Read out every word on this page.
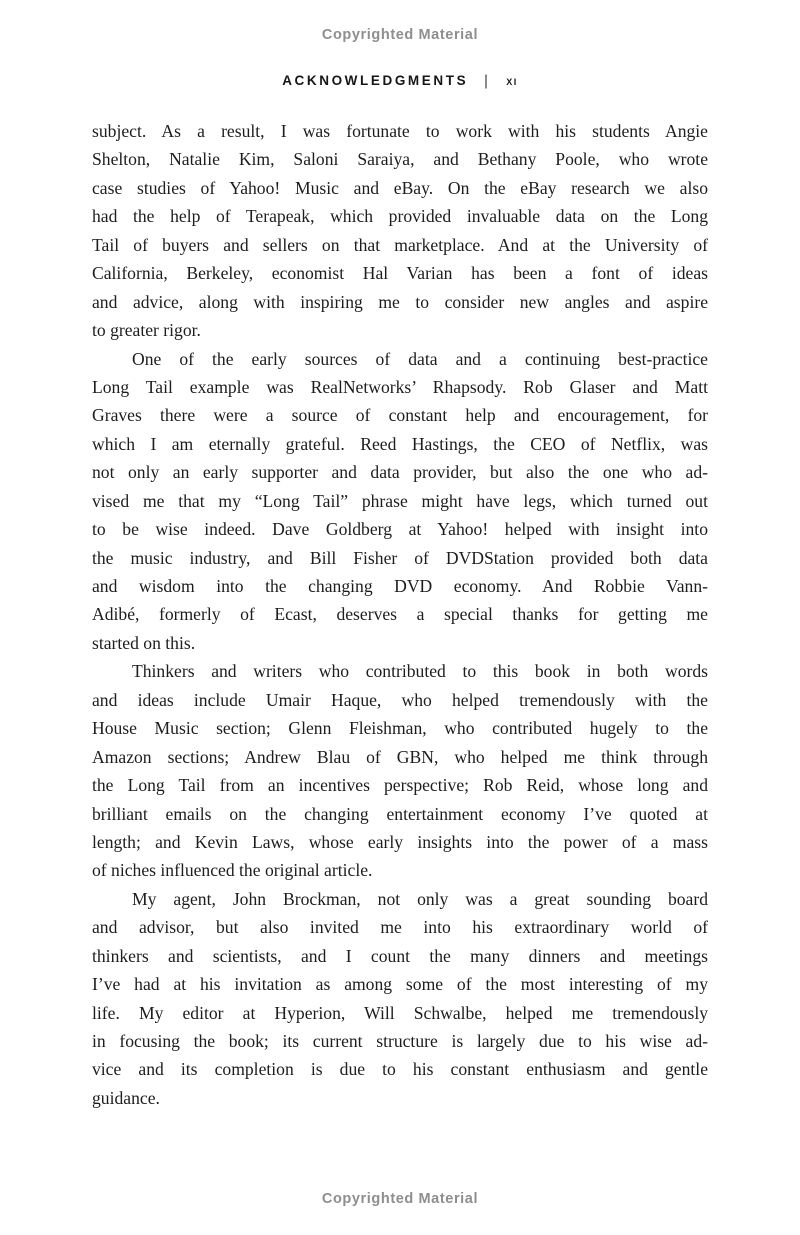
Copyrighted Material
ACKNOWLEDGMENTS | xi

subject. As a result, I was fortunate to work with his students Angie
Shelton, Natalie Kim, Saloni Saraiya, and Bethany Poole, who wrote
case studies of Yahoo! Music and eBay. On the eBay research we also
had the help of Terapeak, which provided invaluable data on the Long
Tail of buyers and sellers on that marketplace. And at the University of
California, Berkeley, economist Hal Varian has been a font of ideas
and advice, along with inspiring me to consider new angles and aspire
to greater rigor.

One of the early sources of data and a continuing best-practice
Long Tail example was RealNetworks’ Rhapsody. Rob Glaser and Matt
Graves there were a source of constant help and encouragement, for
which I am eternally grateful. Reed Hastings, the CEO of Netflix, was
not only an early supporter and data provider, but also the one who ad-
vised me that my “Long Tail” phrase might have legs, which turned out
to be wise indeed. Dave Goldberg at Yahoo! helped with insight into
the music industry, and Bill Fisher of DVDStation provided both data
and wisdom into the changing DVD economy. And Robbie Vann-
Adibé, formerly of Ecast, deserves a special thanks for getting me
started on this.

Thinkers and writers who contributed to this book in both words
and ideas include Umair Haque, who helped tremendously with the
House Music section; Glenn Fleishman, who contributed hugely to the
Amazon sections; Andrew Blau of GBN, who helped me think through
the Long Tail from an incentives perspective; Rob Reid, whose long and
brilliant emails on the changing entertainment economy I’ve quoted at
length; and Kevin Laws, whose early insights into the power of a mass
of niches influenced the original article.

My agent, John Brockman, not only was a great sounding board
and advisor, but also invited me into his extraordinary world of
thinkers and scientists, and I count the many dinners and meetings
I’ve had at his invitation as among some of the most interesting of my
life. My editor at Hyperion, Will Schwalbe, helped me tremendously
in focusing the book; its current structure is largely due to his wise ad-
vice and its completion is due to his constant enthusiasm and gentle
guidance.

Copyrighted Material
